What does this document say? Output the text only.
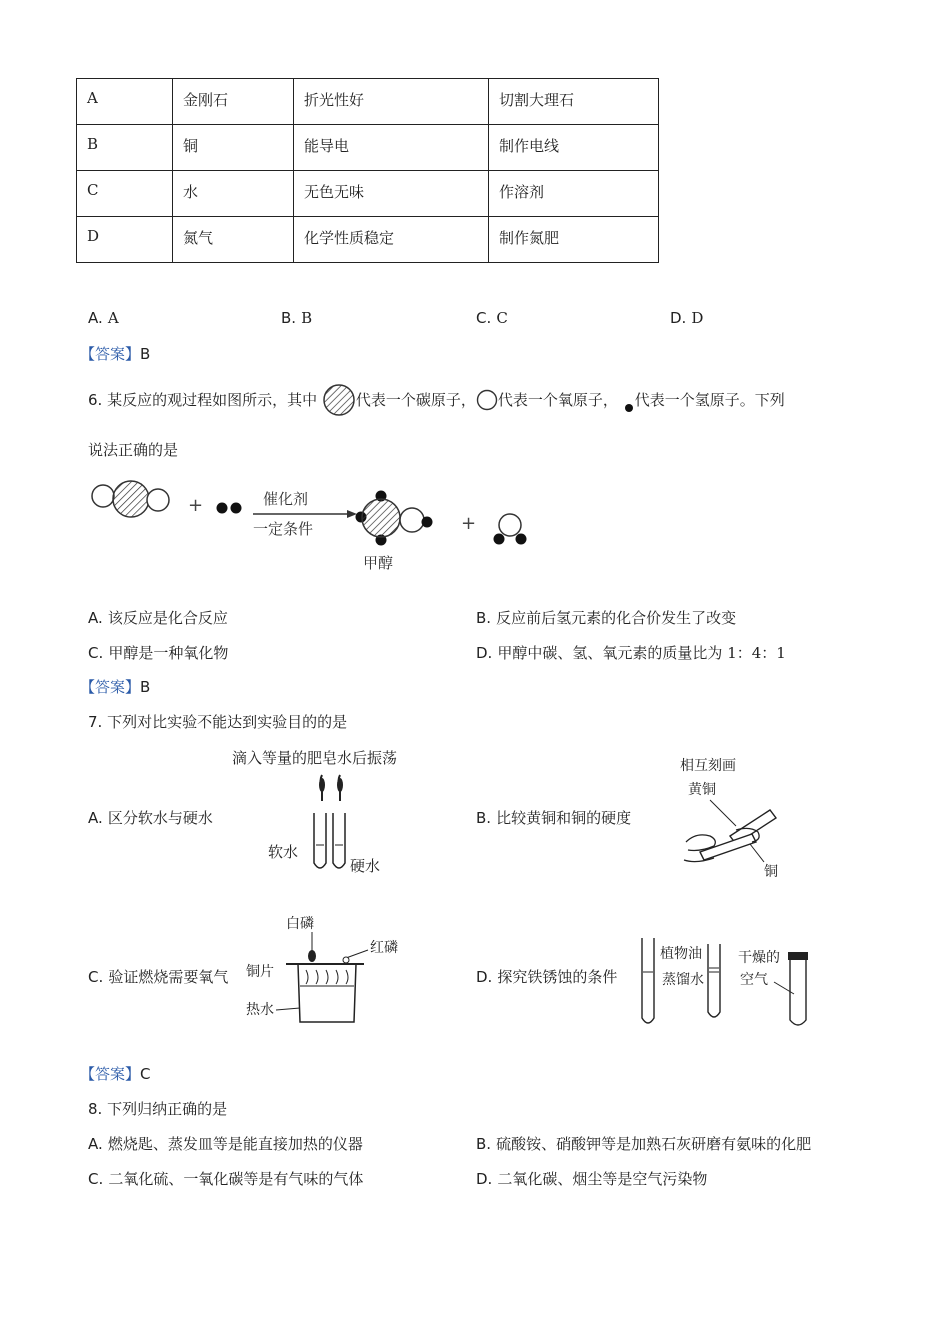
A	金刚石	折光性好	切割大理石
B	铜	能导电	制作电线
C	水	无色无味	作溶剂
D	氮气	化学性质稳定	制作氮肥
A. A	B. B	C. C	D. D
【答案】B
6. 某反应的观过程如图所示，其中	代表一个碳原子， 代表一个氧原子， 代表一个氢原子。下列
说法正确的是
+	催化剂
一定条件
甲醇
+
A. 该反应是化合反应	B. 反应前后氢元素的化合价发生了改变
C. 甲醇是一种氧化物	D. 甲醇中碳、氢、氧元素的质量比为 1：4：1
【答案】B
7. 下列对比实验不能达到实验目的的是
A. 区分软水与硬水	B. 比较黄铜和铜的硬度
C. 验证燃烧需要氧气	D. 探究铁锈蚀的条件
滴入等量的肥皂水后振荡
软水
硬水
相互刻画
黄铜
铜
白磷
红磷
铜片
热水
植物油
蒸馏水
干燥的
空气
【答案】C
8. 下列归纳正确的是
A. 燃烧匙、蒸发皿等是能直接加热的仪器	B. 硫酸铵、硝酸钾等是加熟石灰研磨有氨味的化肥
C. 二氧化硫、一氧化碳等是有气味的气体	D. 二氧化碳、烟尘等是空气污染物
